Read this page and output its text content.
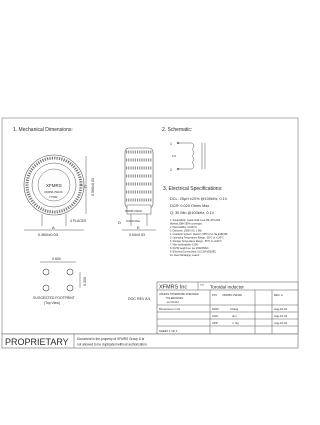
1. Mechanical Dimensions:	2. Schematic:
3. Electrical Specifications:
XFMRS
XF0056-VW100
YYWW
A
0.850±0.03
4 PLACES
C 0.560±0.03
XF0056-VW100
E
0.63±0.03
D 0.060 Max
1
2
LO
DCL: 25µH ±20% @100kHz, 0.1V
DCR: 0.020 Ohms Max
Q: 30 Min @100kHz, 0.1V
1. Solderability: Leads shall meet MIL-STD-202,
Method 208H (95% coverage)
2. Flammability: UL94V-0
3. Dielectric: 1000V AC, 1 Min
4. Insulation System: Class F (155°C) UL file E151556
5. Operating Temperature Range: -55°C to +130°C
6. Storage Temperature Range: -55°C to +130°C
7. Wire solderability: 100%
8. RoHS Lead Free: per 2002/95/EC
9. Electrical Connectivity: UL/CSA/VDE/IEC
10. Reel Packaging: Lead 2
0.600
0.300
SUGGESTED FOOTPRINT
(Top View)
DOC REV A/1
XFMRS Inc	Title Toroidal Inductor
UNLESS OTHERWISE SPECIFIED
TOLERANCES:
.xxx ±0.010
Dimensions in IN
SHEET 1 OF 1
P/N: XF0056-VW100	REV. A
DWN.	Chang	Aug-16-04
CHK.	Jun	Aug-16-04
APP.	J. Ng	Aug-16-04
PROPRIETARY	Document is the property of XFMRS Group & is
not allowed to be duplicated without authorization.
